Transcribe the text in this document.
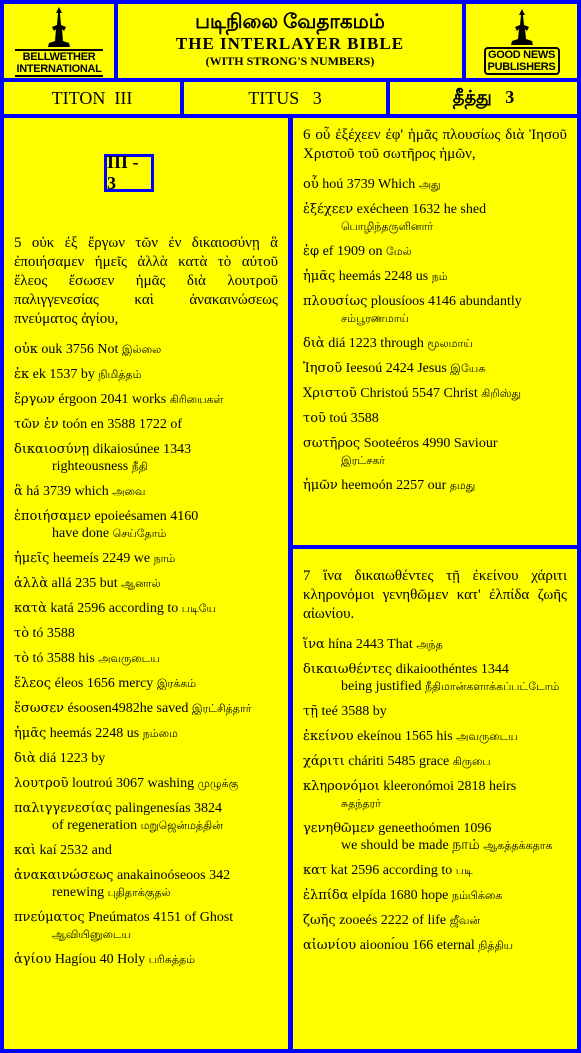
BELLWETHER INTERNATIONAL
படிநிலை வேதாகமம்
THE INTERLAYER BIBLE
(WITH STRONG'S NUMBERS)	GOOD NEWS PUBLISHERS
TITON  III	TITUS   3	தீத்து   3
III - 3
5 οὐκ ἐξ ἔργων τῶν ἐν δικαιοσύνῃ ἃ ἐποιήσαμεν ἡμεῖς ἀλλὰ κατὰ τὸ αὐτοῦ ἔλεος ἔσωσεν ἡμᾶς διὰ λουτροῦ παλιγγενεσίας καὶ ἀνακαινώσεως πνεύματος ἁγίου,
οὐκ ouk 3756 Not இல்லை
ἐκ ek 1537 by நிமித்தம்
ἔργων érgoon 2041 works கிரியைகள்
τῶν ἐν toón en 3588 1722 of
δικαιοσύνῃ dikaiosúnee 1343
righteousness நீதி
ἃ há 3739 which அவை
ἐποιήσαμεν epoieésamen 4160
have done செய்தோம்
ἡμεῖς heemeís 2249 we நாம்
ἀλλὰ allá 235 but ஆனால்
κατὰ katá 2596 according to படியே
τὸ tó 3588
τὸ tó 3588 his அவருடைய
ἔλεος éleos 1656 mercy இரக்கம்
ἔσωσεν ésoosen4982he saved இரட்சித்தார்
ἡμᾶς heemás 2248 us நம்மை
διὰ diá 1223 by
λουτροῦ loutroú 3067 washing முழுக்கு
παλιγγενεσίας palingenesías 3824
of regeneration மறுஜென்மத்தின்
καὶ kaí 2532 and
ἀνακαινώσεως anakainoóseoos 342
renewing புதிதாக்குதல்
πνεύματος Pneúmatos 4151 of Ghost
ஆவியினுடைய
ἁγίου Hagíou 40 Holy பரிசுத்தம்
6 οὗ ἐξέχεεν ἐφ' ἡμᾶς πλουσίως διὰ Ἰησοῦ Χριστοῦ τοῦ σωτῆρος ἡμῶν,
οὗ hoú 3739 Which அது
ἐξέχεεν exécheen 1632 he shed
பொழிந்தருளினார்
ἐφ ef 1909 on மேல்
ἡμᾶς heemás 2248 us நம்
πλουσίως plousíoos 4146 abundantly
சம்பூரணமாய்
διὰ diá 1223 through மூலமாய்
Ἰησοῦ Ieesoú 2424 Jesus இயேசு
Χριστοῦ Christoú 5547 Christ கிறிஸ்து
τοῦ toú 3588
σωτῆρος Sooteéros 4990 Saviour
இரட்சகர்
ἡμῶν heemoón 2257 our தமது
7 ἵνα δικαιωθέντες τῇ ἐκείνου χάριτι κληρονόμοι γενηθῶμεν κατ' ἐλπίδα ζωῆς αἰωνίου.
ἵνα hína 2443 That அந்த
δικαιωθέντες dikaioothéntes 1344
being justified நீதிமான்களாக்கப்பட்டோம்
τῇ teé 3588 by
ἐκείνου ekeínou 1565 his அவருடைய
χάριτι cháriti 5485 grace கிருபை
κληρονόμοι kleeronómoi 2818 heirs
சுதந்தரர்
γενηθῶμεν geneethoómen 1096
we should be made நாம் ஆகத்தக்கதாக
κατ kat 2596 according to படி
ἐλπίδα elpída 1680 hope நம்பிக்கை
ζωῆς zooeés 2222 of life ஜீவன்
αἰωνίου aioonı́ou 166 eternal நித்திய
